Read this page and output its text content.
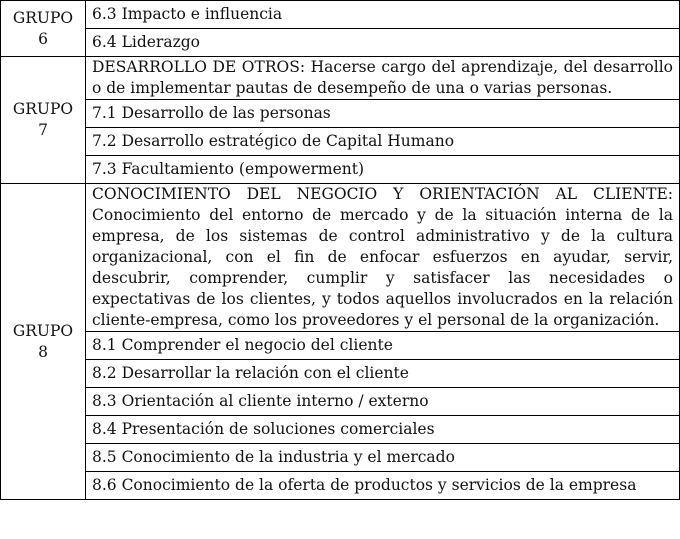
GRUPO
6	6.3 Impacto e influencia
	6.4 Liderazgo
GRUPO
7	DESARROLLO DE OTROS: Hacerse cargo del aprendizaje, del desarrollo o de implementar pautas de desempeño de una o varias personas.
	7.1 Desarrollo de las personas
	7.2 Desarrollo estratégico de Capital Humano
	7.3 Facultamiento (empowerment)
GRUPO
8	CONOCIMIENTO DEL NEGOCIO Y ORIENTACIÓN AL CLIENTE: Conocimiento del entorno de mercado y de la situación interna de la empresa, de los sistemas de control administrativo y de la cultura organizacional, con el fin de enfocar esfuerzos en ayudar, servir, descubrir, comprender, cumplir y satisfacer las necesidades o expectativas de los clientes, y todos aquellos involucrados en la relación cliente-empresa, como los proveedores y el personal de la organización.
	8.1 Comprender el negocio del cliente
	8.2 Desarrollar la relación con el cliente
	8.3 Orientación al cliente interno / externo
	8.4 Presentación de soluciones comerciales
	8.5 Conocimiento de la industria y el mercado
	8.6 Conocimiento de la oferta de productos y servicios de la empresa
